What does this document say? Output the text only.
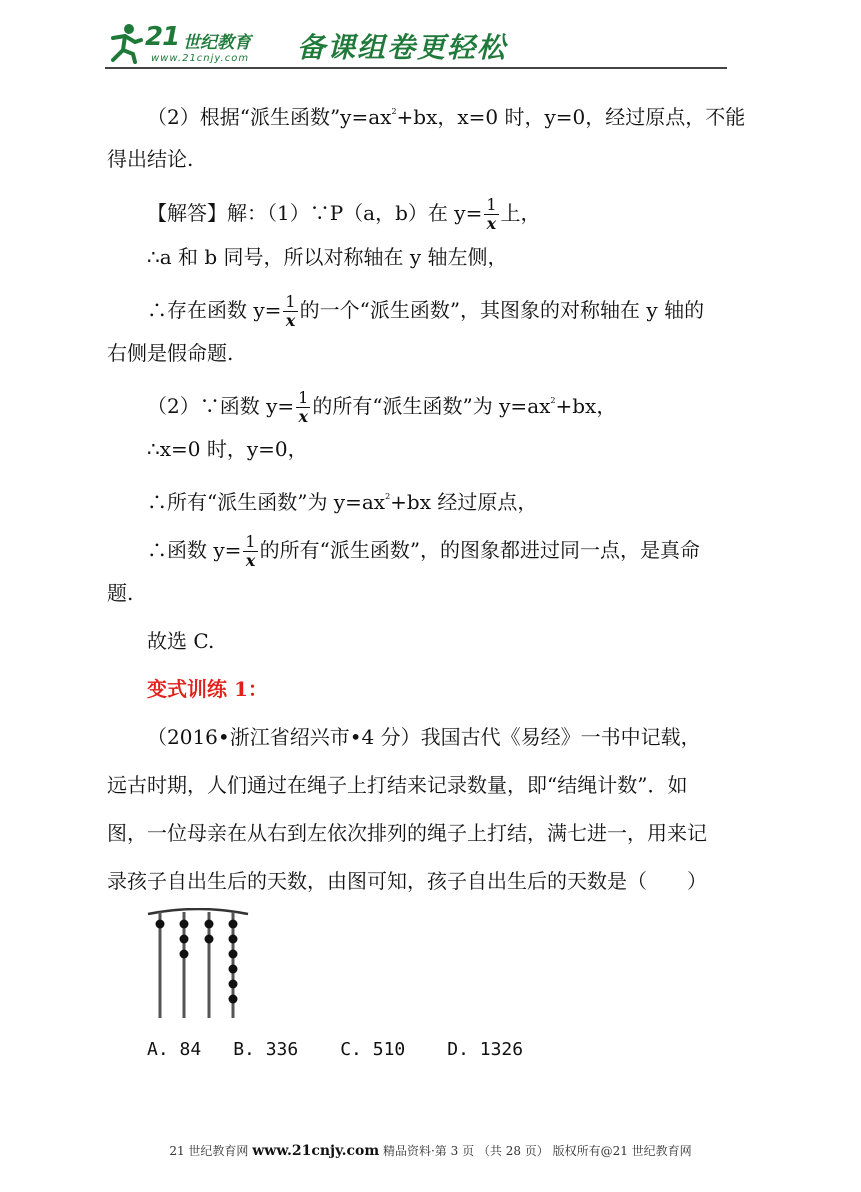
21 世纪教育
www.21cnjy.com 备课组卷更轻松
（2）根据“派生函数$”y=ax^2+bx$，x=0 时，y=0，经过原点，不能
得出结论.
【解答】解：（1）∵P（a，b）在 $y= \frac{1}{x}$ 上，
∴a 和 b 同号，所以对称轴在 y 轴左侧，
∴存在函数 $y= \frac{1}{x}$ 的一个“派生函数”，其图象的对称轴在 y 轴的
右侧是假命题.
（2）∵函数 $y= \frac{1}{x}$ 的所有“派生函数”为 $y=ax^2+bx$，
∴x=0 时，y=0，
∴所有“派生函数”为 $y=ax^2+bx$ 经过原点，
∴函数 $y= \frac{1}{x}$ 的所有“派生函数”，的图象都进过同一点，是真命
题.
故选 C.
变式训练 1：
（2016•浙江省绍兴市•4 分）我国古代《易经》一书中记载，
远古时期，人们通过在绳子上打结来记录数量，即“结绳计数”．如
图，一位母亲在从右到左依次排列的绳子上打结，满七进一，用来记
录孩子自出生后的天数，由图可知，孩子自出生后的天数是（　　）
A. 84 B. 336 C. 510 D. 1326
21 世纪教育网 www.21cnjy.com 精品资料·第 3 页 （共 28 页） 版权所有@21 世纪教育网
